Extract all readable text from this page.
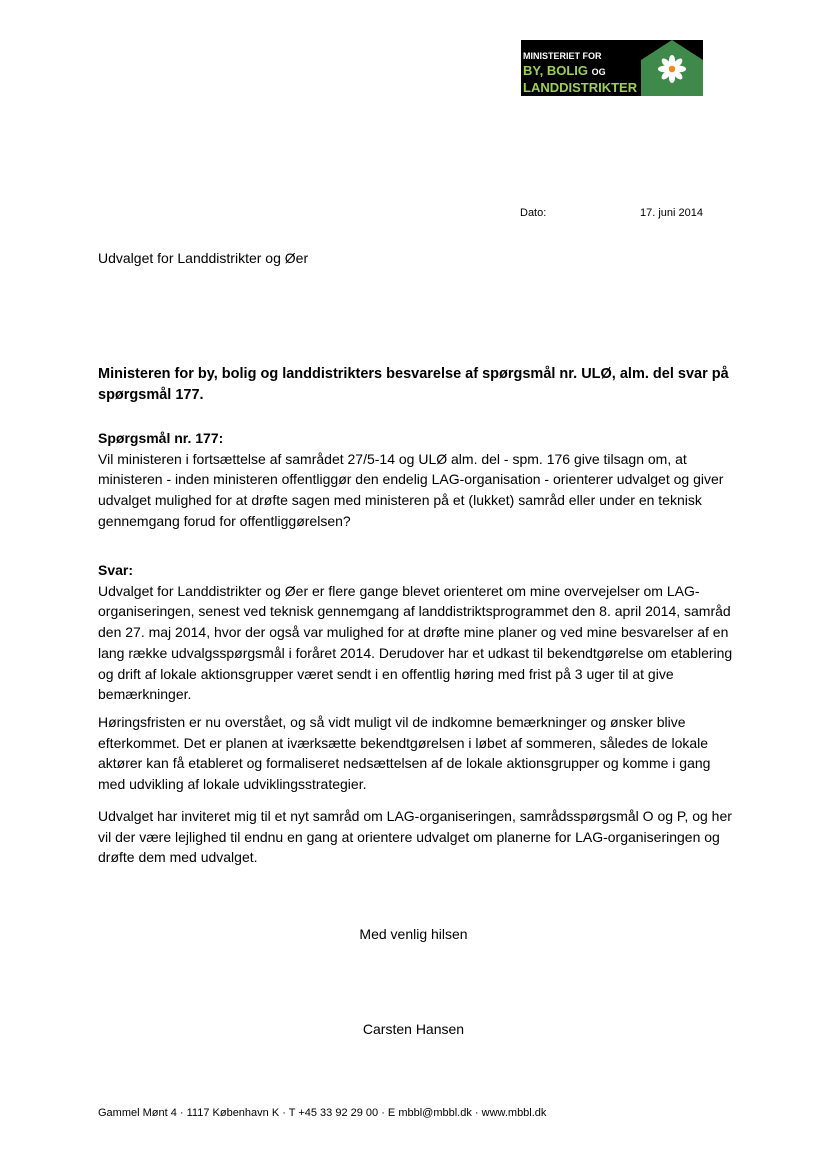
MINISTERIET FOR
BY, BOLIG OG
LANDDISTRIKTER
Dato:	17. juni 2014
Udvalget for Landdistrikter og Øer
Ministeren for by, bolig og landdistrikters besvarelse af spørgsmål nr. ULØ, alm. del svar på spørgsmål 177.
Spørgsmål nr. 177:
Vil ministeren i fortsættelse af samrådet 27/5-14 og ULØ alm. del - spm. 176 give tilsagn om, at ministeren - inden ministeren offentliggør den endelig LAG-organisation - orienterer udvalget og giver udvalget mulighed for at drøfte sagen med ministeren på et (lukket) samråd eller under en teknisk gennemgang forud for offentliggørelsen?
Svar:
Udvalget for Landdistrikter og Øer er flere gange blevet orienteret om mine overvejelser om LAG-organiseringen, senest ved teknisk gennemgang af landdistriktsprogrammet den 8. april 2014, samråd den 27. maj 2014, hvor der også var mulighed for at drøfte mine planer og ved mine besvarelser af en lang række udvalgsspørgsmål i foråret 2014. Derudover har et udkast til bekendtgørelse om etablering og drift af lokale aktionsgrupper været sendt i en offentlig høring med frist på 3 uger til at give bemærkninger.
Høringsfristen er nu overstået, og så vidt muligt vil de indkomne bemærkninger og ønsker blive efterkommet. Det er planen at iværksætte bekendtgørelsen i løbet af sommeren, således de lokale aktører kan få etableret og formaliseret nedsættelsen af de lokale aktionsgrupper og komme i gang med udvikling af lokale udviklingsstrategier.
Udvalget har inviteret mig til et nyt samråd om LAG-organiseringen, samrådsspørgsmål O og P, og her vil der være lejlighed til endnu en gang at orientere udvalget om planerne for LAG-organiseringen og drøfte dem med udvalget.
Med venlig hilsen
Carsten Hansen
Gammel Mønt 4 · 1117 København K · T +45 33 92 29 00 · E mbbl@mbbl.dk · www.mbbl.dk
